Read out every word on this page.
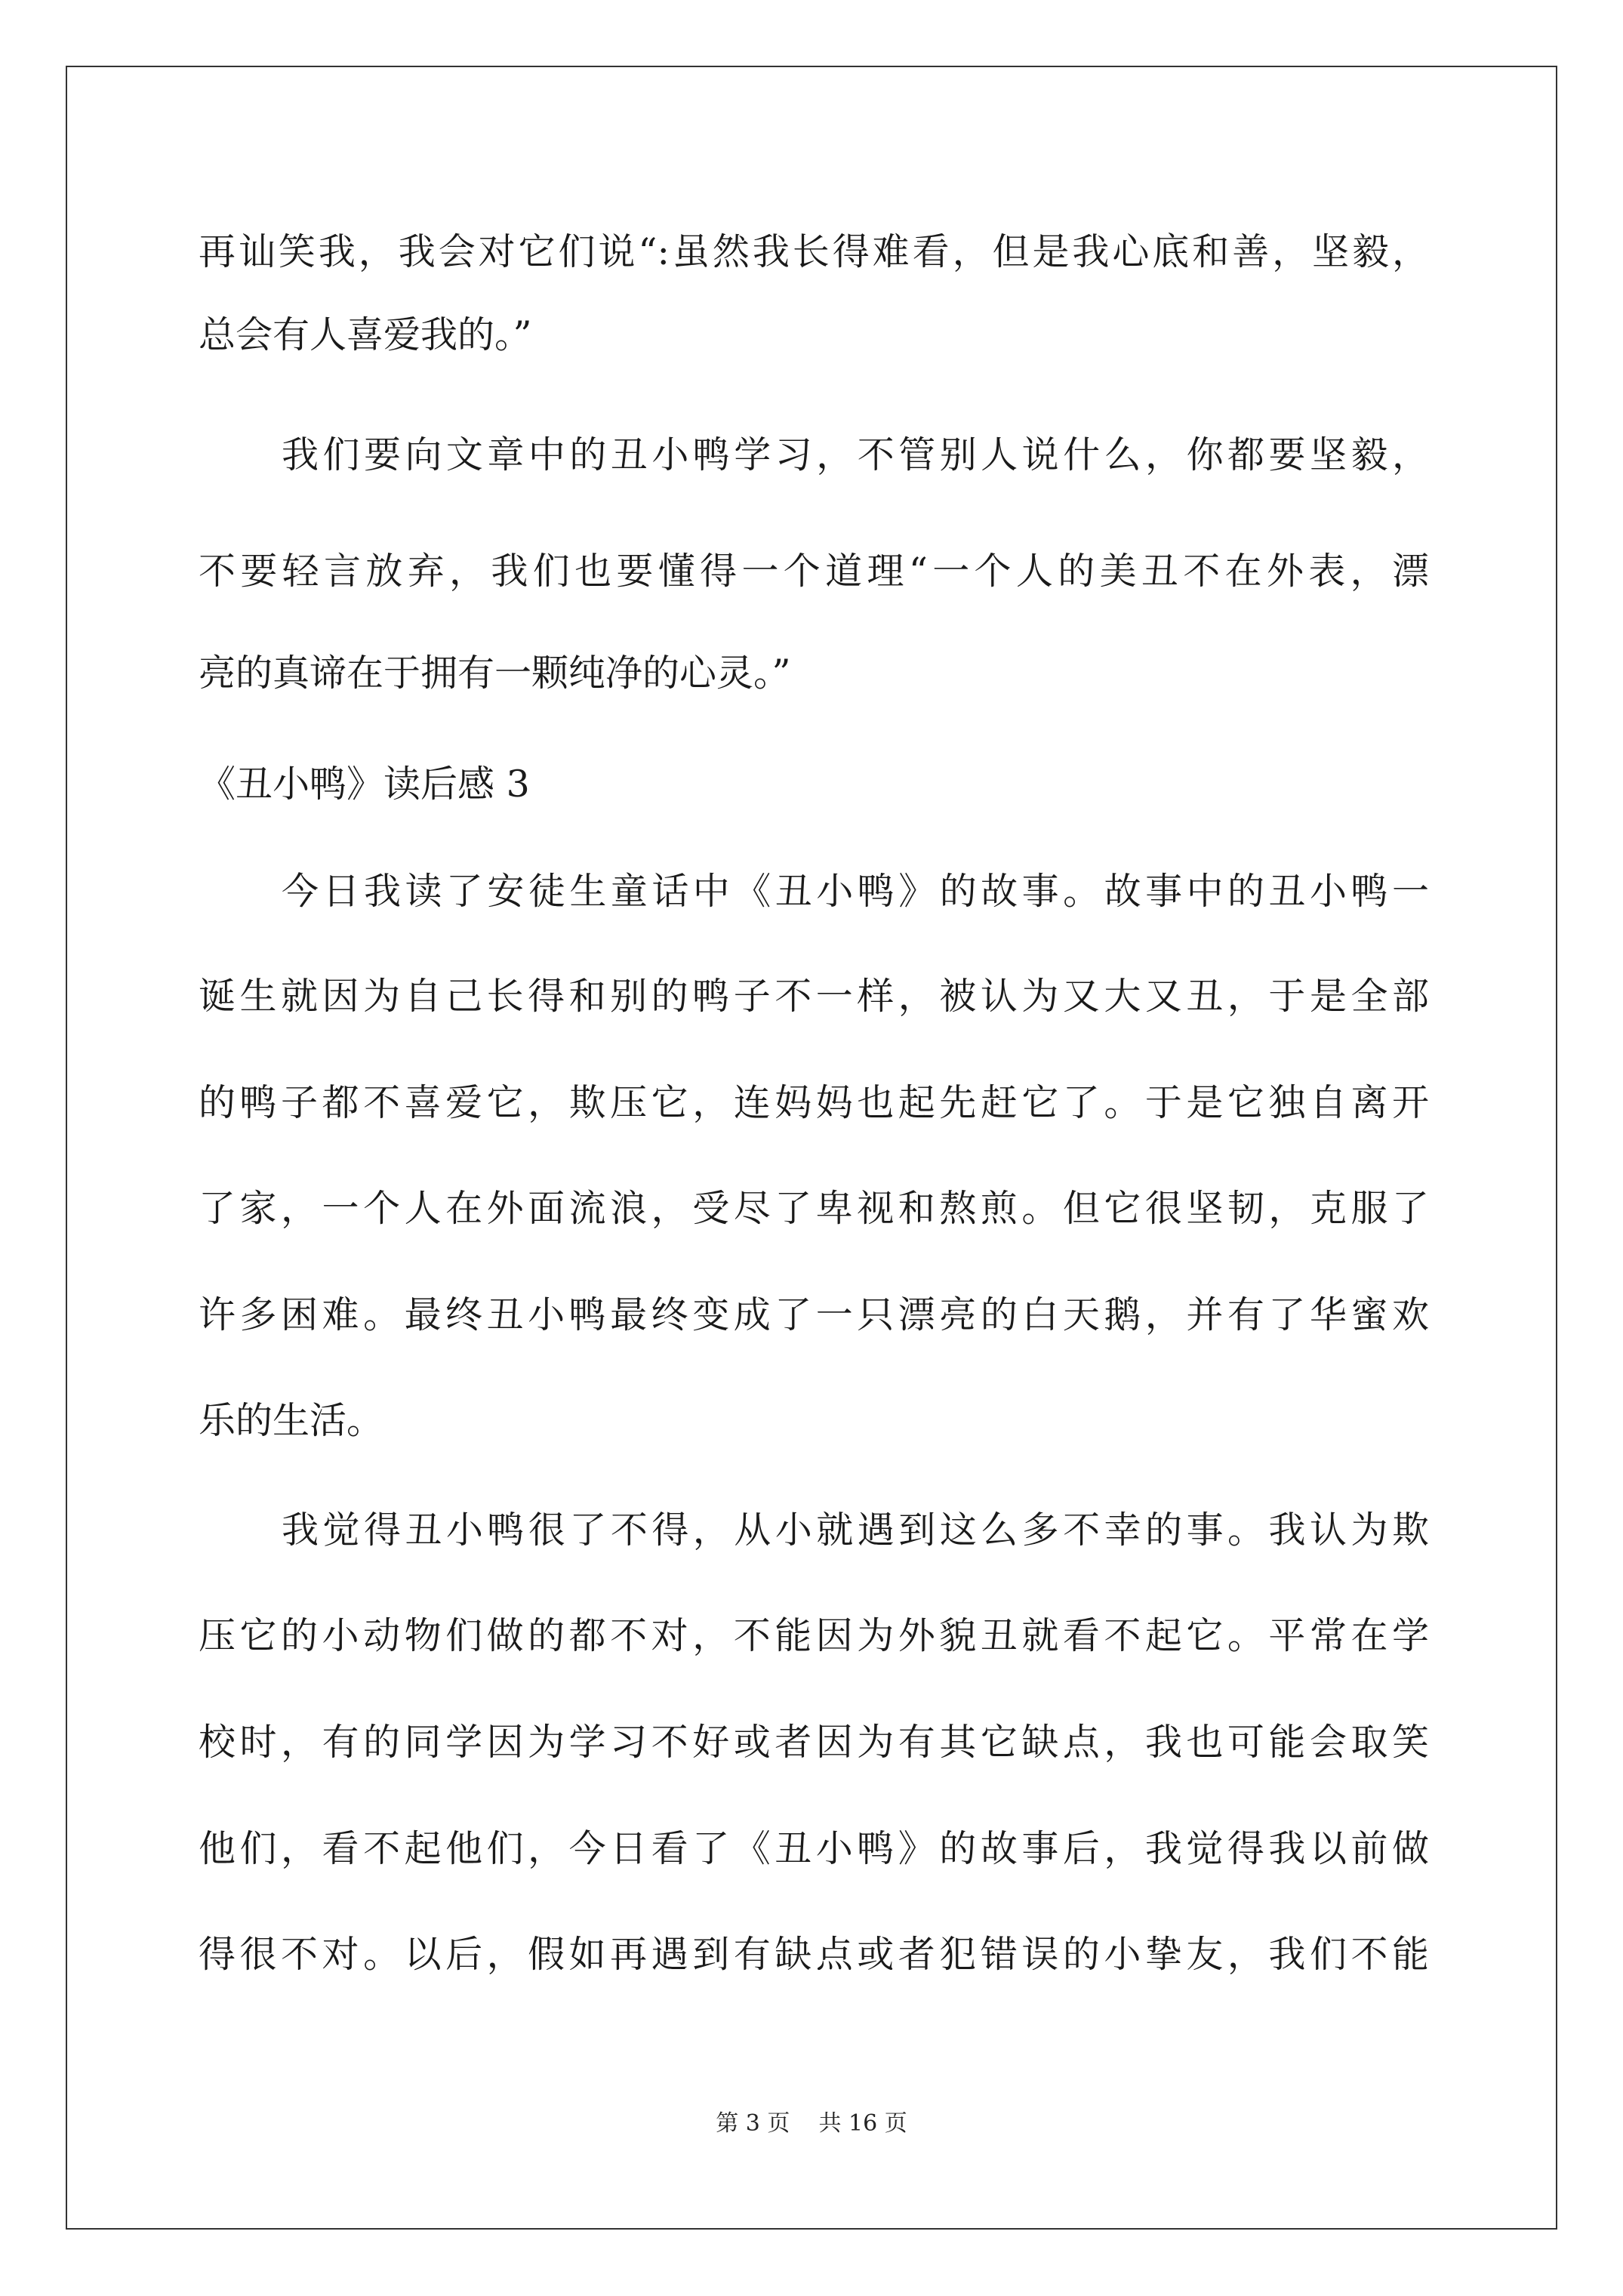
再讪笑我，我会对它们说“:虽然我长得难看，但是我心底和善，坚毅，
总会有人喜爱我的。”
我们要向文章中的丑小鸭学习，不管别人说什么，你都要坚毅，
不要轻言放弃，我们也要懂得一个道理“一个人的美丑不在外表，漂
亮的真谛在于拥有一颗纯净的心灵。”
《丑小鸭》读后感 3
今日我读了安徒生童话中《丑小鸭》的故事。故事中的丑小鸭一
诞生就因为自己长得和别的鸭子不一样，被认为又大又丑，于是全部
的鸭子都不喜爱它，欺压它，连妈妈也起先赶它了。于是它独自离开
了家，一个人在外面流浪，受尽了卑视和熬煎。但它很坚韧，克服了
许多困难。最终丑小鸭最终变成了一只漂亮的白天鹅，并有了华蜜欢
乐的生活。
我觉得丑小鸭很了不得，从小就遇到这么多不幸的事。我认为欺
压它的小动物们做的都不对，不能因为外貌丑就看不起它。平常在学
校时，有的同学因为学习不好或者因为有其它缺点，我也可能会取笑
他们，看不起他们，今日看了《丑小鸭》的故事后，我觉得我以前做
得很不对。以后，假如再遇到有缺点或者犯错误的小挚友，我们不能
第 3 页    共 16 页
